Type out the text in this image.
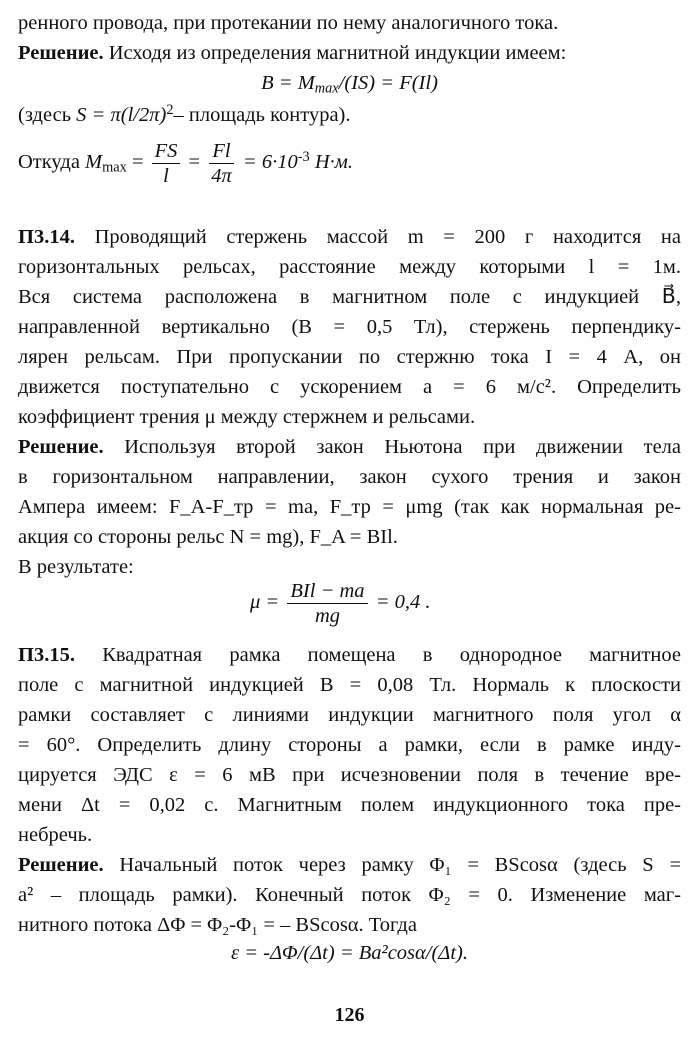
ренного провода, при протекании по нему аналогичного тока.
Решение. Исходя из определения магнитной индукции имеем:
$B = M_{max}/(IS) = F(Il)$
(здесь $S = \pi(l/2\pi)^2-$ площадь контура).
Откуда $M_{max} = \frac{FS}{l} = \frac{Fl}{4\pi} = 6\cdot 10^{-3}$ Н·м.
П3.14. Проводящий стержень массой m = 200 г находится на
горизонтальных рельсах, расстояние между которыми l = 1м.
Вся система расположена в магнитном поле с индукцией B⃗,
направленной вертикально (B = 0,5 Тл), стержень перпендику-
лярен рельсам. При пропускании по стержню тока I = 4 А, он
движется поступательно с ускорением a = 6 м/с². Определить
коэффициент трения μ между стержнем и рельсами.
Решение. Используя второй закон Ньютона при движении тела
в горизонтальном направлении, закон сухого трения и закон
Ампера имеем: F_A-F_тр = ma, F_тр = μmg (так как нормальная ре-
акция со стороны рельс N = mg), F_A = BIl.
В результате:
$\mu = \frac{\text{BIl − ma}}{mg} = 0,4$ .
П3.15. Квадратная рамка помещена в однородное магнитное
поле с магнитной индукцией B = 0,08 Тл. Нормаль к плоскости
рамки составляет с линиями индукции магнитного поля угол α
= 60°. Определить длину стороны a рамки, если в рамке инду-
цируется ЭДС ε = 6 мВ при исчезновении поля в течение вре-
мени Δt = 0,02 с. Магнитным полем индукционного тока пре-
небречь.
Решение. Начальный поток через рамку Φ₁ = BScosα (здесь S =
a² – площадь рамки). Конечный поток Φ₂ = 0. Изменение маг-
нитного потока ΔΦ = Φ₂-Φ₁ = – BScosα. Тогда
ε = -ΔΦ/(Δt) = Ba²cosα/(Δt).
126
